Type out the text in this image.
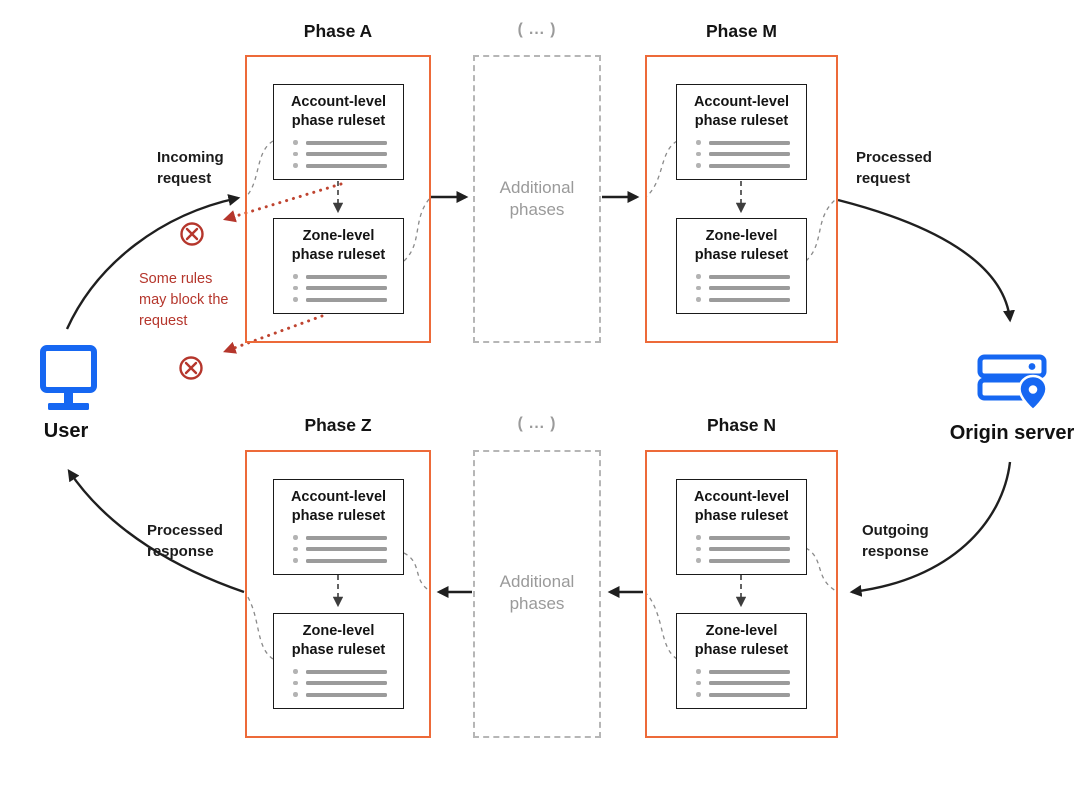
Phase A	Phase M
Phase Z	Phase N
Account-level phase ruleset
Zone-level phase ruleset
Account-level phase ruleset
Zone-level phase ruleset
Account-level phase ruleset
Zone-level phase ruleset
Account-level phase ruleset
Zone-level phase ruleset
( ... )
Additional phases
( ... )
Additional phases
Incoming request
Processed request
Outgoing response
Processed response
Some rules may block the request
User	Origin server
